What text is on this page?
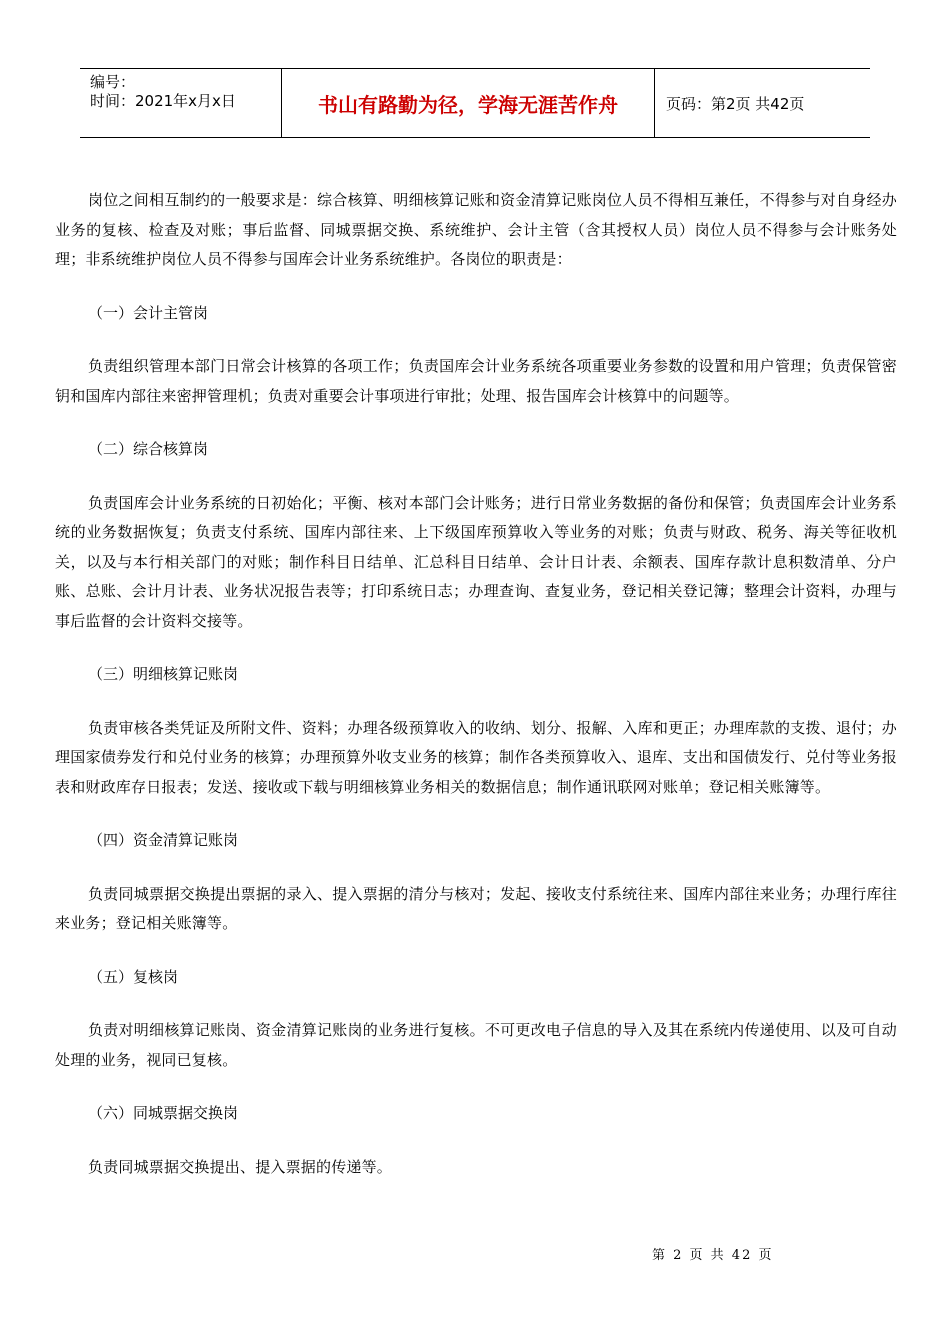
编号：
时间：2021年x月x日	书山有路勤为径，学海无涯苦作舟	页码：第2页 共42页

岗位之间相互制约的一般要求是：综合核算、明细核算记账和资金清算记账岗位人员不得相互兼任，不得参与对自身经办业务的复核、检查及对账；事后监督、同城票据交换、系统维护、会计主管（含其授权人员）岗位人员不得参与会计账务处理；非系统维护岗位人员不得参与国库会计业务系统维护。各岗位的职责是：

（一）会计主管岗

负责组织管理本部门日常会计核算的各项工作；负责国库会计业务系统各项重要业务参数的设置和用户管理；负责保管密钥和国库内部往来密押管理机；负责对重要会计事项进行审批；处理、报告国库会计核算中的问题等。

（二）综合核算岗

负责国库会计业务系统的日初始化；平衡、核对本部门会计账务；进行日常业务数据的备份和保管；负责国库会计业务系统的业务数据恢复；负责支付系统、国库内部往来、上下级国库预算收入等业务的对账；负责与财政、税务、海关等征收机关，以及与本行相关部门的对账；制作科目日结单、汇总科目日结单、会计日计表、余额表、国库存款计息积数清单、分户账、总账、会计月计表、业务状况报告表等；打印系统日志；办理查询、查复业务，登记相关登记簿；整理会计资料，办理与事后监督的会计资料交接等。

（三）明细核算记账岗

负责审核各类凭证及所附文件、资料；办理各级预算收入的收纳、划分、报解、入库和更正；办理库款的支拨、退付；办理国家债券发行和兑付业务的核算；办理预算外收支业务的核算；制作各类预算收入、退库、支出和国债发行、兑付等业务报表和财政库存日报表；发送、接收或下载与明细核算业务相关的数据信息；制作通讯联网对账单；登记相关账簿等。

（四）资金清算记账岗

负责同城票据交换提出票据的录入、提入票据的清分与核对；发起、接收支付系统往来、国库内部往来业务；办理行库往来业务；登记相关账簿等。

（五）复核岗

负责对明细核算记账岗、资金清算记账岗的业务进行复核。不可更改电子信息的导入及其在系统内传递使用、以及可自动处理的业务，视同已复核。

（六）同城票据交换岗

负责同城票据交换提出、提入票据的传递等。

第 2 页 共 42 页
